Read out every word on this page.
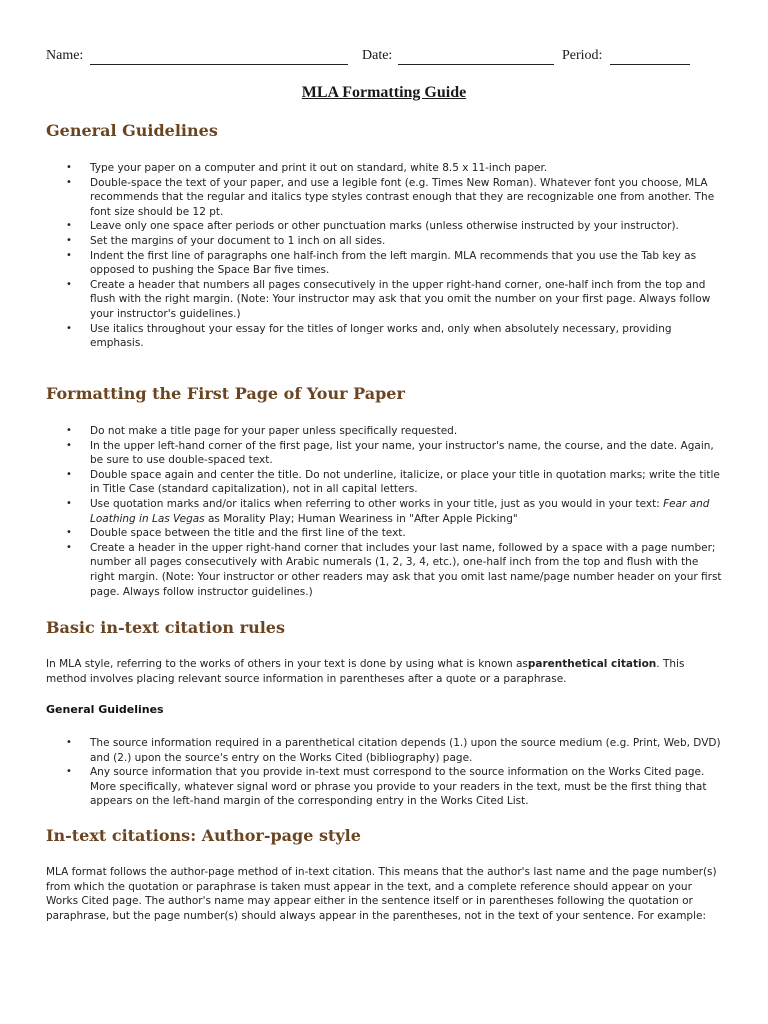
Name:	Date:	Period:
MLA Formatting Guide
General Guidelines
• Type your paper on a computer and print it out on standard, white 8.5 x 11-inch paper.
• Double-space the text of your paper, and use a legible font (e.g. Times New Roman). Whatever font you choose, MLA recommends that the regular and italics type styles contrast enough that they are recognizable one from another. The font size should be 12 pt.
• Leave only one space after periods or other punctuation marks (unless otherwise instructed by your instructor).
• Set the margins of your document to 1 inch on all sides.
• Indent the first line of paragraphs one half-inch from the left margin. MLA recommends that you use the Tab key as opposed to pushing the Space Bar five times.
• Create a header that numbers all pages consecutively in the upper right-hand corner, one-half inch from the top and flush with the right margin. (Note: Your instructor may ask that you omit the number on your first page. Always follow your instructor's guidelines.)
• Use italics throughout your essay for the titles of longer works and, only when absolutely necessary, providing emphasis.
Formatting the First Page of Your Paper
• Do not make a title page for your paper unless specifically requested.
• In the upper left-hand corner of the first page, list your name, your instructor's name, the course, and the date. Again, be sure to use double-spaced text.
• Double space again and center the title. Do not underline, italicize, or place your title in quotation marks; write the title in Title Case (standard capitalization), not in all capital letters.
• Use quotation marks and/or italics when referring to other works in your title, just as you would in your text: Fear and Loathing in Las Vegas as Morality Play; Human Weariness in "After Apple Picking"
• Double space between the title and the first line of the text.
• Create a header in the upper right-hand corner that includes your last name, followed by a space with a page number; number all pages consecutively with Arabic numerals (1, 2, 3, 4, etc.), one-half inch from the top and flush with the right margin. (Note: Your instructor or other readers may ask that you omit last name/page number header on your first page. Always follow instructor guidelines.)
Basic in-text citation rules

In MLA style, referring to the works of others in your text is done by using what is known asparenthetical citation. This method involves placing relevant source information in parentheses after a quote or a paraphrase.

General Guidelines
• The source information required in a parenthetical citation depends (1.) upon the source medium (e.g. Print, Web, DVD) and (2.) upon the source's entry on the Works Cited (bibliography) page.
• Any source information that you provide in-text must correspond to the source information on the Works Cited page. More specifically, whatever signal word or phrase you provide to your readers in the text, must be the first thing that appears on the left-hand margin of the corresponding entry in the Works Cited List.
In-text citations: Author-page style

MLA format follows the author-page method of in-text citation. This means that the author's last name and the page number(s) from which the quotation or paraphrase is taken must appear in the text, and a complete reference should appear on your Works Cited page. The author's name may appear either in the sentence itself or in parentheses following the quotation or paraphrase, but the page number(s) should always appear in the parentheses, not in the text of your sentence. For example:
